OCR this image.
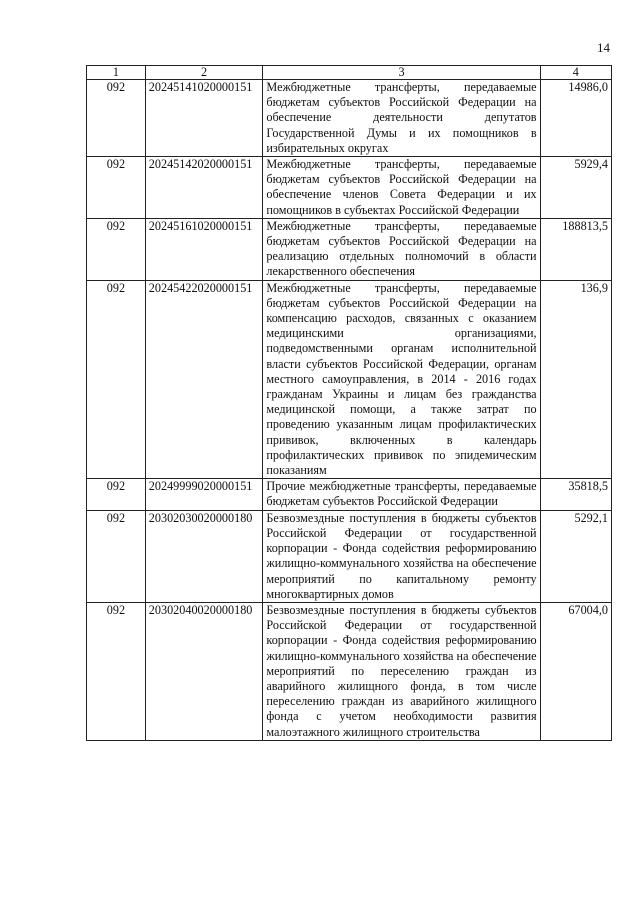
14
1	2	3	4
092	20245141020000151	Межбюджетные трансферты, передаваемые бюджетам субъектов Российской Федерации на обеспечение деятельности депутатов Государственной Думы и их помощников в избирательных округах	14986,0
092	20245142020000151	Межбюджетные трансферты, передаваемые бюджетам субъектов Российской Федерации на обеспечение членов Совета Федерации и их помощников в субъектах Российской Федерации	5929,4
092	20245161020000151	Межбюджетные трансферты, передаваемые бюджетам субъектов Российской Федерации на реализацию отдельных полномочий в области лекарственного обеспечения	188813,5
092	20245422020000151	Межбюджетные трансферты, передаваемые бюджетам субъектов Российской Федерации на компенсацию расходов, связанных с оказанием медицинскими организациями, подведомственными органам исполнительной власти субъектов Российской Федерации, органам местного самоуправления, в 2014 - 2016 годах гражданам Украины и лицам без гражданства медицинской помощи, а также затрат по проведению указанным лицам профилактических прививок, включенных в календарь профилактических прививок по эпидемическим показаниям	136,9
092	20249999020000151	Прочие межбюджетные трансферты, передаваемые бюджетам субъектов Российской Федерации	35818,5
092	20302030020000180	Безвозмездные поступления в бюджеты субъектов Российской Федерации от государственной корпорации - Фонда содействия реформированию жилищно-коммунального хозяйства на обеспечение мероприятий по капитальному ремонту многоквартирных домов	5292,1
092	20302040020000180	Безвозмездные поступления в бюджеты субъектов Российской Федерации от государственной корпорации - Фонда содействия реформированию жилищно-коммунального хозяйства на обеспечение мероприятий по переселению граждан из аварийного жилищного фонда, в том числе переселению граждан из аварийного жилищного фонда с учетом необходимости развития малоэтажного жилищного строительства	67004,0
